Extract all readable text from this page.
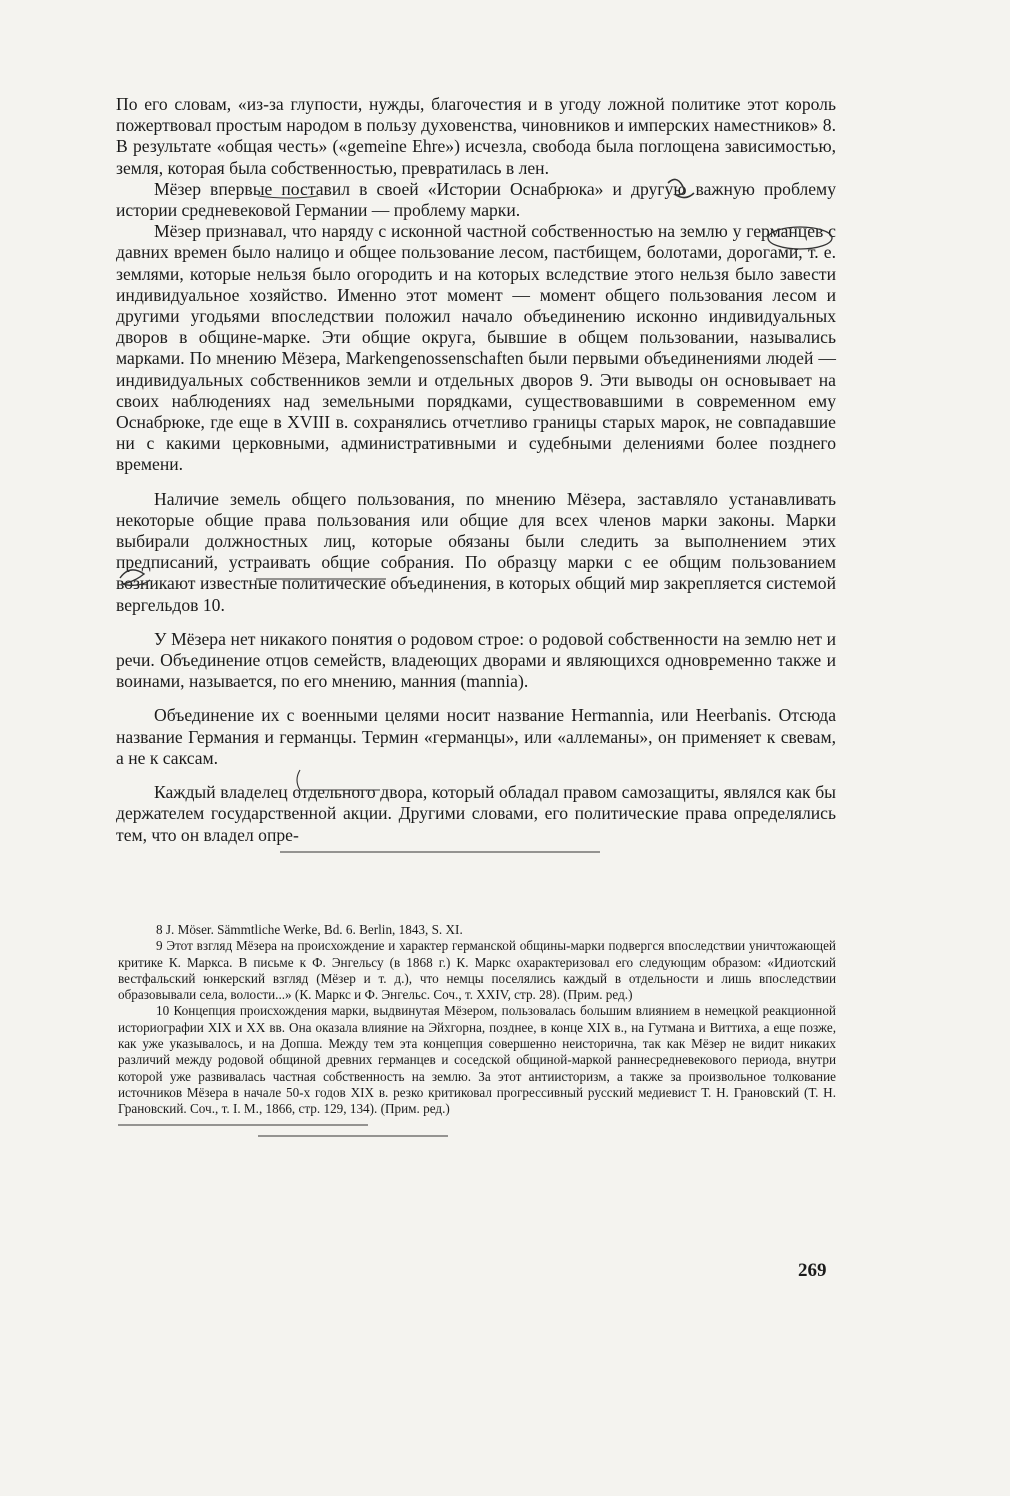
По его словам, «из-за глупости, нужды, благочестия и в угоду ложной политике этот король пожертвовал простым народом в пользу духовенства, чиновников и имперских наместников» 8. В результате «общая честь» («gemeine Ehre») исчезла, свобода была поглощена зависимостью, земля, которая была собственностью, превратилась в лен.

Мёзер впервые поставил в своей «Истории Оснабрюка» и другую важную проблему истории средневековой Германии — проблему марки.

Мёзер признавал, что наряду с исконной частной собственностью на землю у германцев с давних времен было налицо и общее пользование лесом, пастбищем, болотами, дорогами, т. е. землями, которые нельзя было огородить и на которых вследствие этого нельзя было завести индивидуальное хозяйство. Именно этот момент — момент общего пользования лесом и другими угодьями впоследствии положил начало объединению исконно индивидуальных дворов в общине-марке. Эти общие округа, бывшие в общем пользовании, назывались марками. По мнению Мёзера, Markengenossenschaften были первыми объединениями людей — индивидуальных собственников земли и отдельных дворов 9. Эти выводы он основывает на своих наблюдениях над земельными порядками, существовавшими в современном ему Оснабрюке, где еще в XVIII в. сохранялись отчетливо границы старых марок, не совпадавшие ни с какими церковными, административными и судебными делениями более позднего времени.

Наличие земель общего пользования, по мнению Мёзера, заставляло устанавливать некоторые общие права пользования или общие для всех членов марки законы. Марки выбирали должностных лиц, которые обязаны были следить за выполнением этих предписаний, устраивать общие собрания. По образцу марки с ее общим пользованием возникают известные политические объединения, в которых общий мир закрепляется системой вергельдов 10.

У Мёзера нет никакого понятия о родовом строе: о родовой собственности на землю нет и речи. Объединение отцов семейств, владеющих дворами и являющихся одновременно также и воинами, называется, по его мнению, манния (mannia).

Объединение их с военными целями носит название Hermannia, или Heerbanis. Отсюда название Германия и германцы. Термин «германцы», или «аллеманы», он применяет к свевам, а не к саксам.

Каждый владелец отдельного двора, который обладал правом самозащиты, являлся как бы держателем государственной акции. Другими словами, его политические права определялись тем, что он владел опре-

8 J. Möser. Sämmtliche Werke, Bd. 6. Berlin, 1843, S. XI.

9 Этот взгляд Мёзера на происхождение и характер германской общины-марки подвергся впоследствии уничтожающей критике К. Маркса. В письме к Ф. Энгельсу (в 1868 г.) К. Маркс охарактеризовал его следующим образом: «Идиотский вестфальский юнкерский взгляд (Мёзер и т. д.), что немцы поселялись каждый в отдельности и лишь впоследствии образовывали села, волости...» (К. Маркс и Ф. Энгельс. Соч., т. XXIV, стр. 28). (Прим. ред.)

10 Концепция происхождения марки, выдвинутая Мёзером, пользовалась большим влиянием в немецкой реакционной историографии XIX и XX вв. Она оказала влияние на Эйхгорна, позднее, в конце XIX в., на Гутмана и Виттиха, а еще позже, как уже указывалось, и на Допша. Между тем эта концепция совершенно неисторична, так как Мёзер не видит никаких различий между родовой общиной древних германцев и соседской общиной-маркой раннесредневекового периода, внутри которой уже развивалась частная собственность на землю. За этот антиисторизм, а также за произвольное толкование источников Мёзера в начале 50-х годов XIX в. резко критиковал прогрессивный русский медиевист Т. Н. Грановский (Т. Н. Грановский. Соч., т. I. М., 1866, стр. 129, 134). (Прим. ред.)

269
